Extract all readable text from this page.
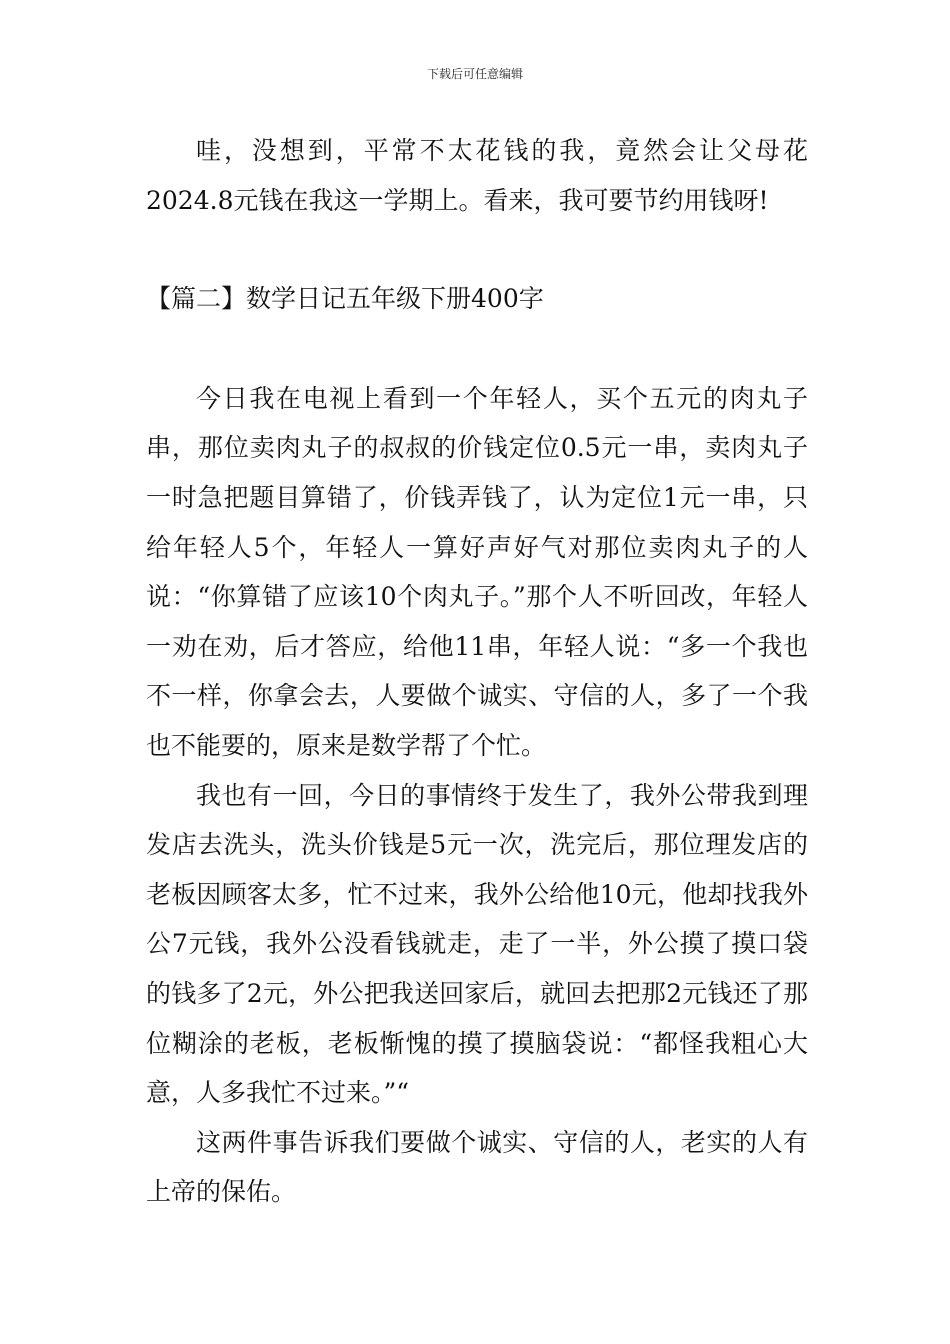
下载后可任意编辑

哇，没想到，平常不太花钱的我，竟然会让父母花2024.8元钱在我这一学期上。看来，我可要节约用钱呀!

【篇二】数学日记五年级下册400字

今日我在电视上看到一个年轻人，买个五元的肉丸子串，那位卖肉丸子的叔叔的价钱定位0.5元一串，卖肉丸子一时急把题目算错了，价钱弄钱了，认为定位1元一串，只给年轻人5个，年轻人一算好声好气对那位卖肉丸子的人说：“你算错了应该10个肉丸子。”那个人不听回改，年轻人一劝在劝，后才答应，给他11串，年轻人说：“多一个我也不一样，你拿会去，人要做个诚实、守信的人，多了一个我也不能要的，原来是数学帮了个忙。

我也有一回，今日的事情终于发生了，我外公带我到理发店去洗头，洗头价钱是5元一次，洗完后，那位理发店的老板因顾客太多，忙不过来，我外公给他10元，他却找我外公7元钱，我外公没看钱就走，走了一半，外公摸了摸口袋的钱多了2元，外公把我送回家后，就回去把那2元钱还了那位糊涂的老板，老板惭愧的摸了摸脑袋说：“都怪我粗心大意，人多我忙不过来。”“

这两件事告诉我们要做个诚实、守信的人，老实的人有上帝的保佑。
